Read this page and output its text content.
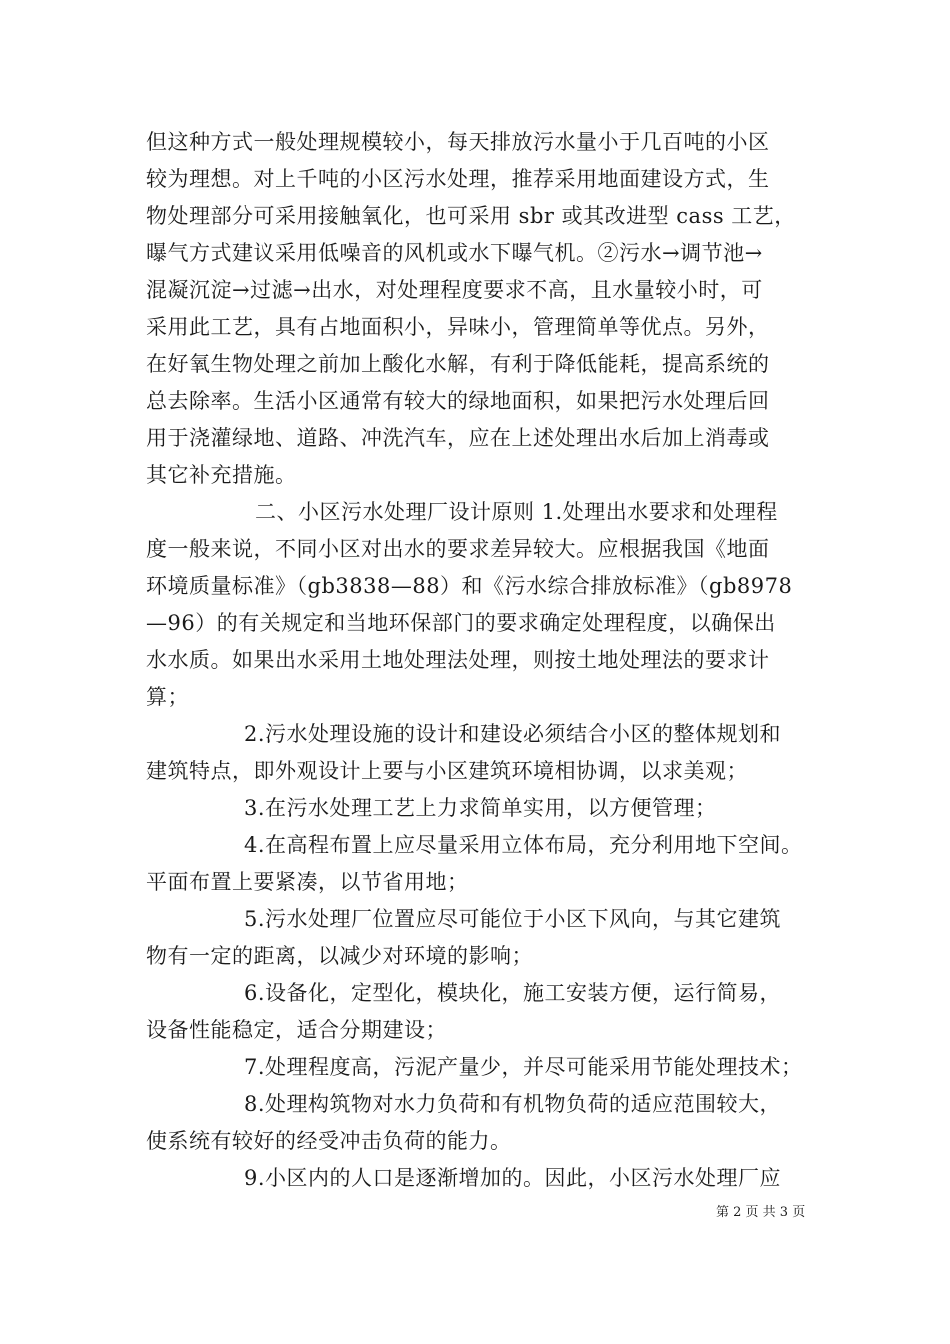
但这种方式一般处理规模较小，每天排放污水量小于几百吨的小区
较为理想。对上千吨的小区污水处理，推荐采用地面建设方式，生
物处理部分可采用接触氧化，也可采用 sbr 或其改进型 cass 工艺，
曝气方式建议采用低噪音的风机或水下曝气机。②污水→调节池→
混凝沉淀→过滤→出水，对处理程度要求不高，且水量较小时，可
采用此工艺，具有占地面积小，异味小，管理简单等优点。另外，
在好氧生物处理之前加上酸化水解，有利于降低能耗，提高系统的
总去除率。生活小区通常有较大的绿地面积，如果把污水处理后回
用于浇灌绿地、道路、冲洗汽车，应在上述处理出水后加上消毒或
其它补充措施。
二、小区污水处理厂设计原则 1.处理出水要求和处理程
度一般来说，不同小区对出水的要求差异较大。应根据我国《地面
环境质量标准》（gb3838—88）和《污水综合排放标准》（gb8978
—96）的有关规定和当地环保部门的要求确定处理程度，以确保出
水水质。如果出水采用土地处理法处理，则按土地处理法的要求计
算；
2.污水处理设施的设计和建设必须结合小区的整体规划和
建筑特点，即外观设计上要与小区建筑环境相协调，以求美观；
3.在污水处理工艺上力求简单实用，以方便管理；
4.在高程布置上应尽量采用立体布局，充分利用地下空间。
平面布置上要紧凑，以节省用地；
5.污水处理厂位置应尽可能位于小区下风向，与其它建筑
物有一定的距离，以减少对环境的影响；
6.设备化，定型化，模块化，施工安装方便，运行简易，
设备性能稳定，适合分期建设；
7.处理程度高，污泥产量少，并尽可能采用节能处理技术；
8.处理构筑物对水力负荷和有机物负荷的适应范围较大，
使系统有较好的经受冲击负荷的能力。
9.小区内的人口是逐渐增加的。因此，小区污水处理厂应
第 2 页 共 3 页
